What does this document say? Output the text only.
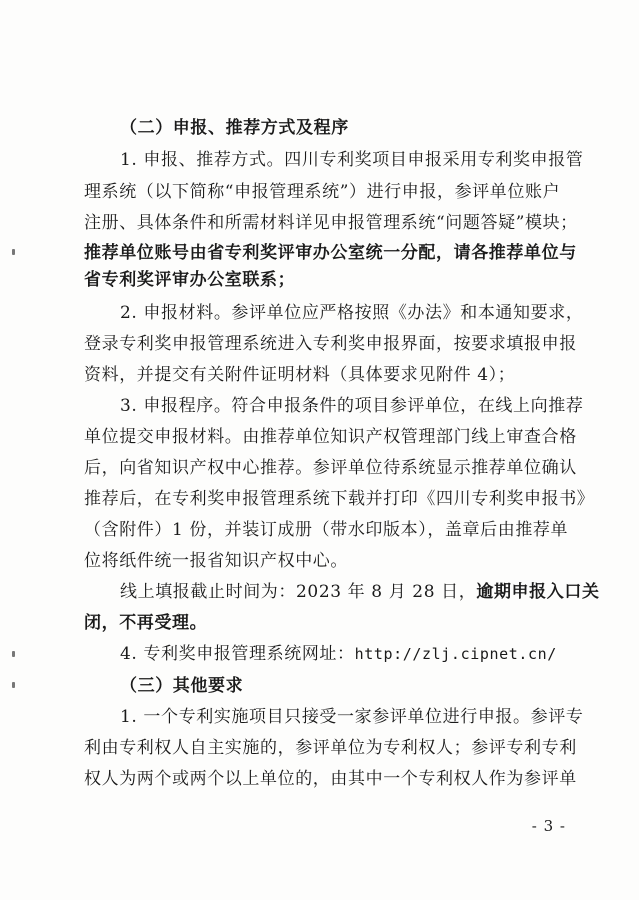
（二）申报、推荐方式及程序
1. 申报、推荐方式。四川专利奖项目申报采用专利奖申报管
理系统（以下简称“申报管理系统”）进行申报，参评单位账户
注册、具体条件和所需材料详见申报管理系统“问题答疑”模块；
推荐单位账号由省专利奖评审办公室统一分配，请各推荐单位与
省专利奖评审办公室联系；
2. 申报材料。参评单位应严格按照《办法》和本通知要求，
登录专利奖申报管理系统进入专利奖申报界面，按要求填报申报
资料，并提交有关附件证明材料（具体要求见附件 4）；
3. 申报程序。符合申报条件的项目参评单位，在线上向推荐
单位提交申报材料。由推荐单位知识产权管理部门线上审查合格
后，向省知识产权中心推荐。参评单位待系统显示推荐单位确认
推荐后，在专利奖申报管理系统下载并打印《四川专利奖申报书》
（含附件）1 份，并装订成册（带水印版本），盖章后由推荐单
位将纸件统一报省知识产权中心。
线上填报截止时间为：2023 年 8 月 28 日，逾期申报入口关
闭，不再受理。
4. 专利奖申报管理系统网址：http://zlj.cipnet.cn/
（三）其他要求
1. 一个专利实施项目只接受一家参评单位进行申报。参评专
利由专利权人自主实施的，参评单位为专利权人；参评专利专利
权人为两个或两个以上单位的，由其中一个专利权人作为参评单
- 3 -
